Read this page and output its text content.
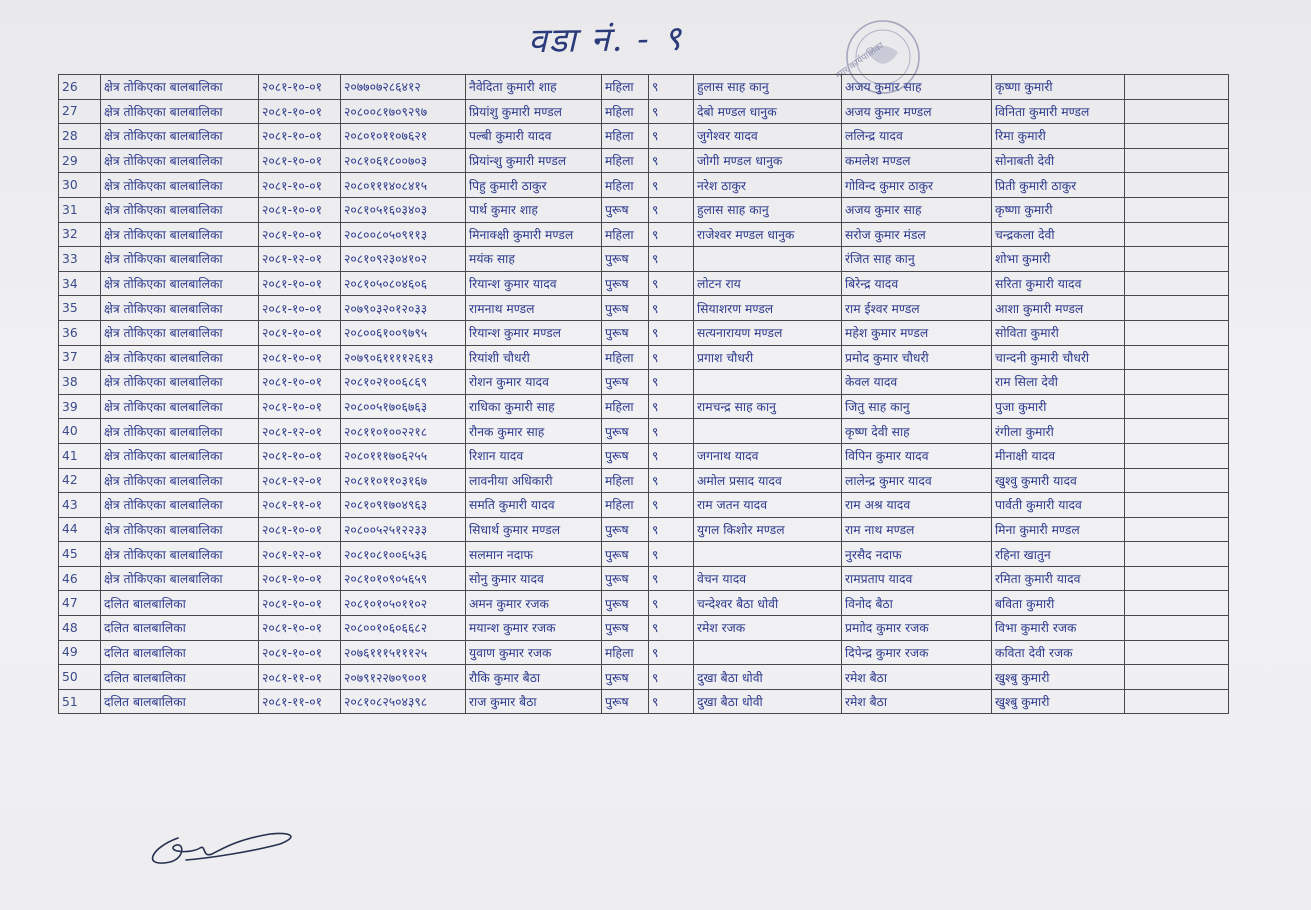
वडा नं. - ९	नगर कार्यपालिका
26	क्षेत्र तोकिएका बालबालिका	२०८१-१०-०१	२०७७०७२८६४१२	नैवेदिता कुमारी शाह	महिला	९	हुलास साह कानु	अजय कुमार साह	कृष्णा कुमारी	
27	क्षेत्र तोकिएका बालबालिका	२०८१-१०-०१	२०८००८१७०९२९७	प्रियांशु कुमारी मण्डल	महिला	९	देबो मण्डल धानुक	अजय कुमार मण्डल	विनिता कुमारी मण्डल	
28	क्षेत्र तोकिएका बालबालिका	२०८१-१०-०१	२०८०१०११०७६२१	पल्बी कुमारी यादव	महिला	९	जुगेश्वर यादव	ललिन्द्र यादव	रिमा कुमारी	
29	क्षेत्र तोकिएका बालबालिका	२०८१-१०-०१	२०८१०६१८००७०३	प्रियांन्शु कुमारी मण्डल	महिला	९	जोगी मण्डल धानुक	कमलेश मण्डल	सोनाबती देवी	
30	क्षेत्र तोकिएका बालबालिका	२०८१-१०-०१	२०८०१११४०८४१५	पिहु कुमारी ठाकुर	महिला	९	नरेश ठाकुर	गोविन्द कुमार ठाकुर	प्रिती कुमारी ठाकुर	
31	क्षेत्र तोकिएका बालबालिका	२०८१-१०-०१	२०८१०५१६०३४०३	पार्थ कुमार शाह	पुरूष	९	हुलास साह कानु	अजय कुमार साह	कृष्णा कुमारी	
32	क्षेत्र तोकिएका बालबालिका	२०८१-१०-०१	२०८००८०५०९११३	मिनाक्क्षी कुमारी मण्डल	महिला	९	राजेश्वर मण्डल धानुक	सरोज कुमार मंडल	चन्द्रकला देवी	
33	क्षेत्र तोकिएका बालबालिका	२०८१-१२-०१	२०८१०९२३०४१०२	मयंक साह	पुरूष	९		रंजित साह कानु	शोभा कुमारी	
34	क्षेत्र तोकिएका बालबालिका	२०८१-१०-०१	२०८१०५०८०४६०६	रियान्श कुमार यादव	पुरूष	९	लोटन राय	बिरेन्द्र यादव	सरिता कुमारी यादव	
35	क्षेत्र तोकिएका बालबालिका	२०८१-१०-०१	२०७९०३२०१२०३३	रामनाथ मण्डल	पुरूष	९	सियाशरण मण्डल	राम ईश्वर मण्डल	आशा कुमारी मण्डल	
36	क्षेत्र तोकिएका बालबालिका	२०८१-१०-०१	२०८००६१००९७९५	रियान्श कुमार मण्डल	पुरूष	९	सत्यनारायण मण्डल	महेश कुमार मण्डल	सोविता कुमारी	
37	क्षेत्र तोकिएका बालबालिका	२०८१-१०-०१	२०७९०६११११२६१३	रियांशी चौधरी	महिला	९	प्रगाश चौधरी	प्रमोद कुमार चौधरी	चान्दनी कुमारी चौधरी	
38	क्षेत्र तोकिएका बालबालिका	२०८१-१०-०१	२०८१०२१००६८६९	रोशन कुमार यादव	पुरूष	९		केवल यादव	राम सिला देवी	
39	क्षेत्र तोकिएका बालबालिका	२०८१-१०-०१	२०८००५१७०६७६३	राधिका कुमारी साह	महिला	९	रामचन्द्र साह कानु	जितु साह कानु	पुजा कुमारी	
40	क्षेत्र तोकिएका बालबालिका	२०८१-१२-०१	२०८११०१००२२१८	रौनक कुमार साह	पुरूष	९		कृष्ण देवी साह	रंगीला कुमारी	
41	क्षेत्र तोकिएका बालबालिका	२०८१-१०-०१	२०८०१११७०६२५५	रिशान यादव	पुरूष	९	जगनाथ यादव	विपिन कुमार यादव	मीनाक्षी यादव	
42	क्षेत्र तोकिएका बालबालिका	२०८१-१२-०१	२०८११०११०३१६७	लावनीया अधिकारी	महिला	९	अमोल प्रसाद यादव	लालेन्द्र कुमार यादव	खुश्वु कुमारी यादव	
43	क्षेत्र तोकिएका बालबालिका	२०८१-११-०१	२०८१०९१७०४९६३	समति कुमारी यादव	महिला	९	राम जतन यादव	राम अश्र यादव	पार्वती कुमारी यादव	
44	क्षेत्र तोकिएका बालबालिका	२०८१-१०-०१	२०८००५२५१२२३३	सिधार्थ कुमार मण्डल	पुरूष	९	युगल किशोर मण्डल	राम नाथ मण्डल	मिना कुमारी मण्डल	
45	क्षेत्र तोकिएका बालबालिका	२०८१-१२-०१	२०८१०८१००६५३६	सलमान नदाफ	पुरूष	९		नुरसैद नदाफ	रहिना खातुन	
46	क्षेत्र तोकिएका बालबालिका	२०८१-१०-०१	२०८१०१०९०५६५९	सोनु कुमार यादव	पुरूष	९	वेचन यादव	रामप्रताप यादव	रमिता कुमारी यादव	
47	दलित बालबालिका	२०८१-१०-०१	२०८१०१०५०११०२	अमन कुमार रजक	पुरूष	९	चन्देश्वर बैठा धोवी	विनोद बैठा	बविता कुमारी	
48	दलित बालबालिका	२०८१-१०-०१	२०८००१०६०६६८२	मयान्श कुमार रजक	पुरूष	९	रमेश रजक	प्रमाोद कुमार रजक	विभा कुमारी रजक	
49	दलित बालबालिका	२०८१-१०-०१	२०७६१११५१११२५	युवाण कुमार रजक	महिला	९		दिपेन्द्र कुमार रजक	कविता देवी रजक	
50	दलित बालबालिका	२०८१-११-०१	२०७९१२२७०९००१	रौकि कुमार बैठा	पुरूष	९	दुखा बैठा धोवी	रमेश बैठा	खुश्बु कुमारी	
51	दलित बालबालिका	२०८१-११-०१	२०८१०८२५०४३९८	राज कुमार बैठा	पुरूष	९	दुखा बैठा धोवी	रमेश बैठा	खुश्बु कुमारी	
